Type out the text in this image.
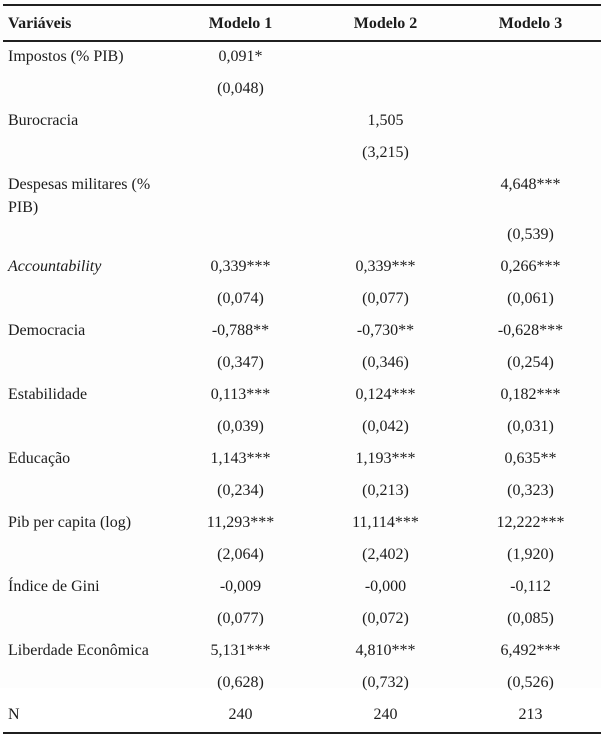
Variáveis	Modelo 1	Modelo 2	Modelo 3
Impostos (% PIB)	0,091*		
	(0,048)		
Burocracia		1,505	
		(3,215)	
Despesas militares (% PIB)			4,648***
			(0,539)
Accountability	0,339***	0,339***	0,266***
	(0,074)	(0,077)	(0,061)
Democracia	-0,788**	-0,730**	-0,628***
	(0,347)	(0,346)	(0,254)
Estabilidade	0,113***	0,124***	0,182***
	(0,039)	(0,042)	(0,031)
Educação	1,143***	1,193***	0,635**
	(0,234)	(0,213)	(0,323)
Pib per capita (log)	11,293***	11,114***	12,222***
	(2,064)	(2,402)	(1,920)
Índice de Gini	-0,009	-0,000	-0,112
	(0,077)	(0,072)	(0,085)
Liberdade Econômica	5,131***	4,810***	6,492***
	(0,628)	(0,732)	(0,526)
N	240	240	213
